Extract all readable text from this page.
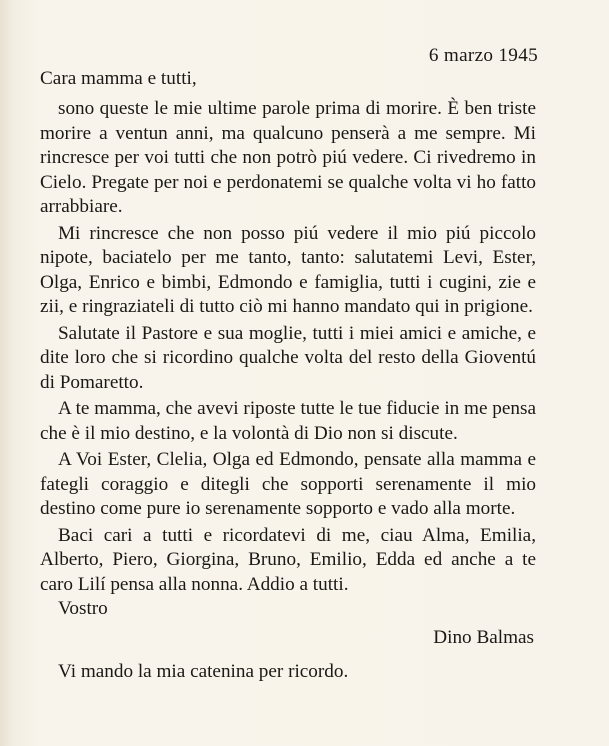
6 marzo 1945
Cara mamma e tutti,
sono queste le mie ultime parole prima di morire. È ben triste morire a ventun anni, ma qualcuno penserà a me sempre. Mi rincresce per voi tutti che non potrò piú vedere. Ci rivedremo in Cielo. Pregate per noi e perdonatemi se qualche volta vi ho fatto arrabbiare.
Mi rincresce che non posso piú vedere il mio piú piccolo nipote, baciatelo per me tanto, tanto: salutatemi Levi, Ester, Olga, Enrico e bimbi, Edmondo e famiglia, tutti i cugini, zie e zii, e ringraziateli di tutto ciò mi hanno mandato qui in prigione.
Salutate il Pastore e sua moglie, tutti i miei amici e amiche, e dite loro che si ricordino qualche volta del resto della Gioventú di Pomaretto.
A te mamma, che avevi riposte tutte le tue fiducie in me pensa che è il mio destino, e la volontà di Dio non si discute.
A Voi Ester, Clelia, Olga ed Edmondo, pensate alla mamma e fategli coraggio e ditegli che sopporti serenamente il mio destino come pure io serenamente sopporto e vado alla morte.
Baci cari a tutti e ricordatevi di me, ciau Alma, Emilia, Alberto, Piero, Giorgina, Bruno, Emilio, Edda ed anche a te caro Lilí pensa alla nonna. Addio a tutti.
Vostro
Dino Balmas
Vi mando la mia catenina per ricordo.
